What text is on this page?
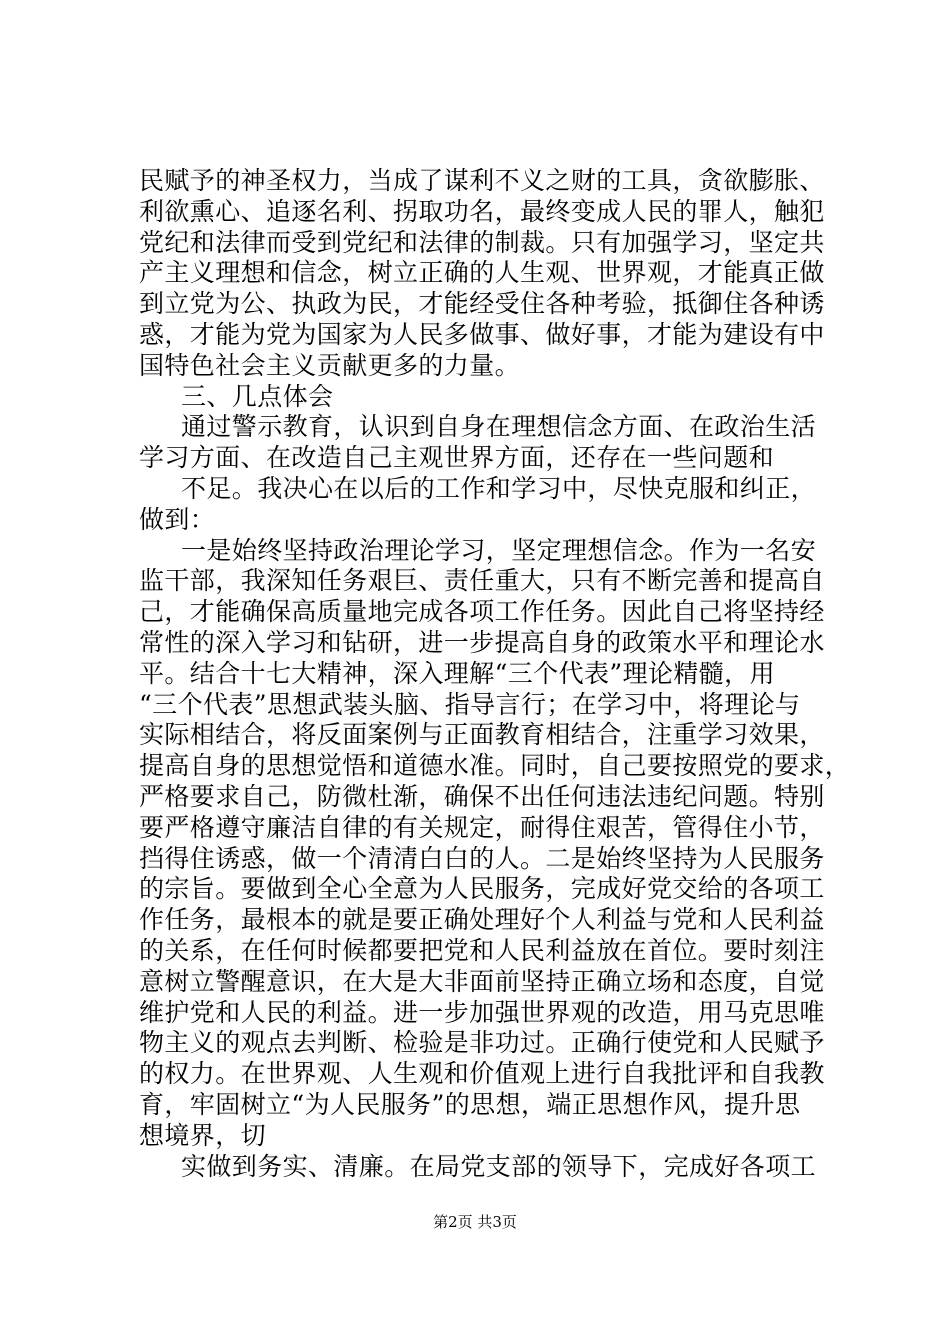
民赋予的神圣权力，当成了谋利不义之财的工具，贪欲膨胀、
利欲熏心、追逐名利、拐取功名，最终变成人民的罪人，触犯
党纪和法律而受到党纪和法律的制裁。只有加强学习，坚定共
产主义理想和信念，树立正确的人生观、世界观，才能真正做
到立党为公、执政为民，才能经受住各种考验，抵御住各种诱
惑，才能为党为国家为人民多做事、做好事，才能为建设有中
国特色社会主义贡献更多的力量。
三、几点体会
通过警示教育，认识到自身在理想信念方面、在政治生活
学习方面、在改造自己主观世界方面，还存在一些问题和
不足。我决心在以后的工作和学习中，尽快克服和纠正，
做到：
一是始终坚持政治理论学习，坚定理想信念。作为一名安
监干部，我深知任务艰巨、责任重大，只有不断完善和提高自
己，才能确保高质量地完成各项工作任务。因此自己将坚持经
常性的深入学习和钻研，进一步提高自身的政策水平和理论水
平。结合十七大精神，深入理解“三个代表”理论精髓，用
“三个代表”思想武装头脑、指导言行；在学习中，将理论与
实际相结合，将反面案例与正面教育相结合，注重学习效果，
提高自身的思想觉悟和道德水准。同时，自己要按照党的要求，
严格要求自己，防微杜渐，确保不出任何违法违纪问题。特别
要严格遵守廉洁自律的有关规定，耐得住艰苦，管得住小节，
挡得住诱惑，做一个清清白白的人。二是始终坚持为人民服务
的宗旨。要做到全心全意为人民服务，完成好党交给的各项工
作任务，最根本的就是要正确处理好个人利益与党和人民利益
的关系，在任何时候都要把党和人民利益放在首位。要时刻注
意树立警醒意识，在大是大非面前坚持正确立场和态度，自觉
维护党和人民的利益。进一步加强世界观的改造，用马克思唯
物主义的观点去判断、检验是非功过。正确行使党和人民赋予
的权力。在世界观、人生观和价值观上进行自我批评和自我教
育，牢固树立“为人民服务”的思想，端正思想作风，提升思
想境界，切
实做到务实、清廉。在局党支部的领导下，完成好各项工
第2页 共3页
